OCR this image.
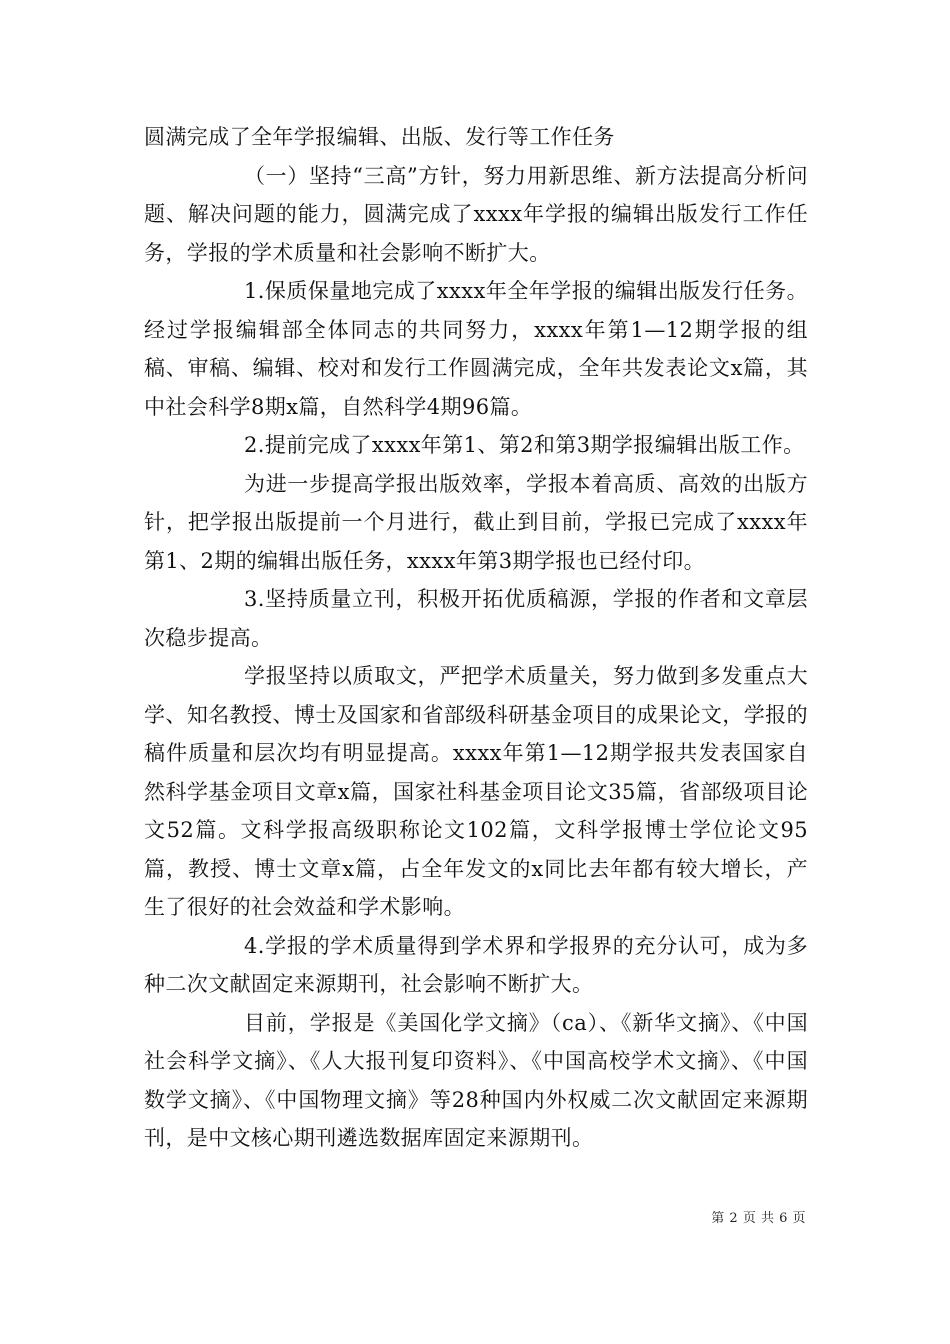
圆满完成了全年学报编辑、出版、发行等工作任务

（一）坚持“三高”方针，努力用新思维、新方法提高分析问题、解决问题的能力，圆满完成了xxxx年学报的编辑出版发行工作任务，学报的学术质量和社会影响不断扩大。

1.保质保量地完成了xxxx年全年学报的编辑出版发行任务。经过学报编辑部全体同志的共同努力，xxxx年第1—12期学报的组稿、审稿、编辑、校对和发行工作圆满完成，全年共发表论文x篇，其中社会科学8期x篇，自然科学4期96篇。

2.提前完成了xxxx年第1、第2和第3期学报编辑出版工作。

为进一步提高学报出版效率，学报本着高质、高效的出版方针，把学报出版提前一个月进行，截止到目前，学报已完成了xxxx年第1、2期的编辑出版任务，xxxx年第3期学报也已经付印。

3.坚持质量立刊，积极开拓优质稿源，学报的作者和文章层次稳步提高。

学报坚持以质取文，严把学术质量关，努力做到多发重点大学、知名教授、博士及国家和省部级科研基金项目的成果论文，学报的稿件质量和层次均有明显提高。xxxx年第1—12期学报共发表国家自然科学基金项目文章x篇，国家社科基金项目论文35篇，省部级项目论文52篇。文科学报高级职称论文102篇，文科学报博士学位论文95篇，教授、博士文章x篇，占全年发文的x同比去年都有较大增长，产生了很好的社会效益和学术影响。

4.学报的学术质量得到学术界和学报界的充分认可，成为多种二次文献固定来源期刊，社会影响不断扩大。

目前，学报是《美国化学文摘》（ca）、《新华文摘》、《中国社会科学文摘》、《人大报刊复印资料》、《中国高校学术文摘》、《中国数学文摘》、《中国物理文摘》等28种国内外权威二次文献固定来源期刊，是中文核心期刊遴选数据库固定来源期刊。

第 2 页 共 6 页
